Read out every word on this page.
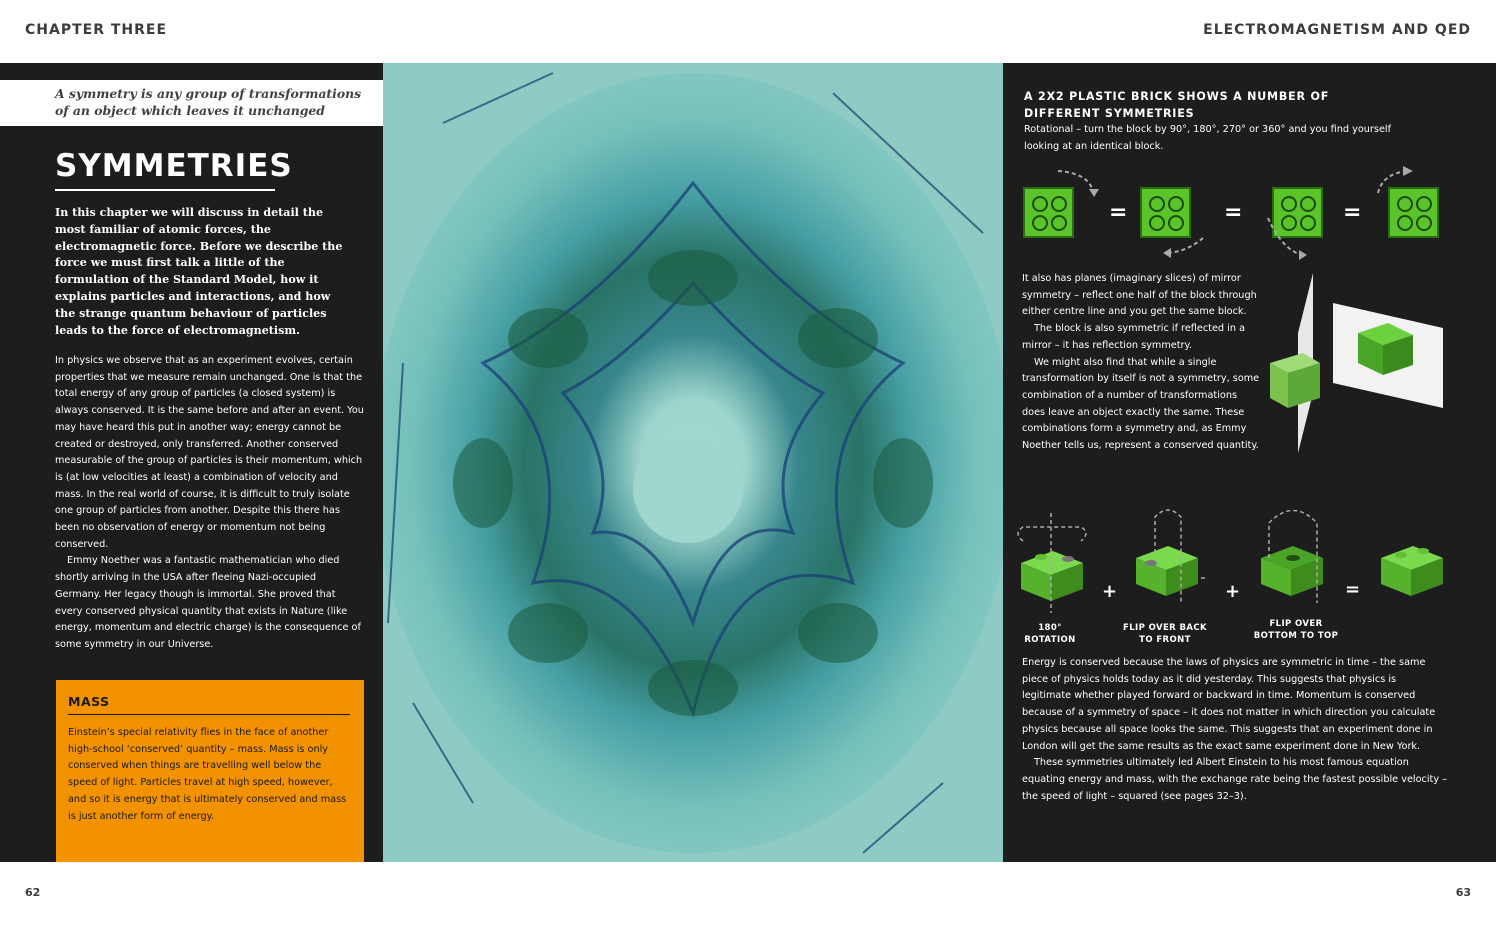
CHAPTER THREE	ELECTROMAGNETISM AND QED
A symmetry is any group of transformations
of an object which leaves it unchanged
SYMMETRIES
In this chapter we will discuss in detail the most familiar of atomic forces, the electromagnetic force. Before we describe the force we must first talk a little of the formulation of the Standard Model, how it explains particles and interactions, and how the strange quantum behaviour of particles leads to the force of electromagnetism.

In physics we observe that as an experiment evolves, certain properties that we measure remain unchanged. One is that the total energy of any group of particles (a closed system) is always conserved. It is the same before and after an event. You may have heard this put in another way; energy cannot be created or destroyed, only transferred. Another conserved measurable of the group of particles is their momentum, which is (at low velocities at least) a combination of velocity and mass. In the real world of course, it is difficult to truly isolate one group of particles from another. Despite this there has been no observation of energy or momentum not being conserved.

Emmy Noether was a fantastic mathematician who died shortly arriving in the USA after fleeing Nazi-occupied Germany. Her legacy though is immortal. She proved that every conserved physical quantity that exists in Nature (like energy, momentum and electric charge) is the consequence of some symmetry in our Universe.

MASS
Einstein’s special relativity flies in the face of another high-school ‘conserved’ quantity – mass. Mass is only conserved when things are travelling well below the speed of light. Particles travel at high speed, however, and so it is energy that is ultimately conserved and mass is just another form of energy.
A 2X2 PLASTIC BRICK SHOWS A NUMBER OF DIFFERENT SYMMETRIES
Rotational – turn the block by 90°, 180°, 270° or 360° and you find yourself looking at an identical block.
=	=	=

It also has planes (imaginary slices) of mirror symmetry – reflect one half of the block through either centre line and you get the same block.

The block is also symmetric if reflected in a mirror – it has reflection symmetry.

We might also find that while a single transformation by itself is not a symmetry, some combination of a number of transformations does leave an object exactly the same. These combinations form a symmetry and, as Emmy Noether tells us, represent a conserved quantity.

+	+	=
180°
ROTATION
FLIP OVER BACK
TO FRONT
FLIP OVER
BOTTOM TO TOP

Energy is conserved because the laws of physics are symmetric in time – the same piece of physics holds today as it did yesterday. This suggests that physics is legitimate whether played forward or backward in time. Momentum is conserved because of a symmetry of space – it does not matter in which direction you calculate physics because all space looks the same. This suggests that an experiment done in London will get the same results as the exact same experiment done in New York.

These symmetries ultimately led Albert Einstein to his most famous equation equating energy and mass, with the exchange rate being the fastest possible velocity – the speed of light – squared (see pages 32–3).

62	63
